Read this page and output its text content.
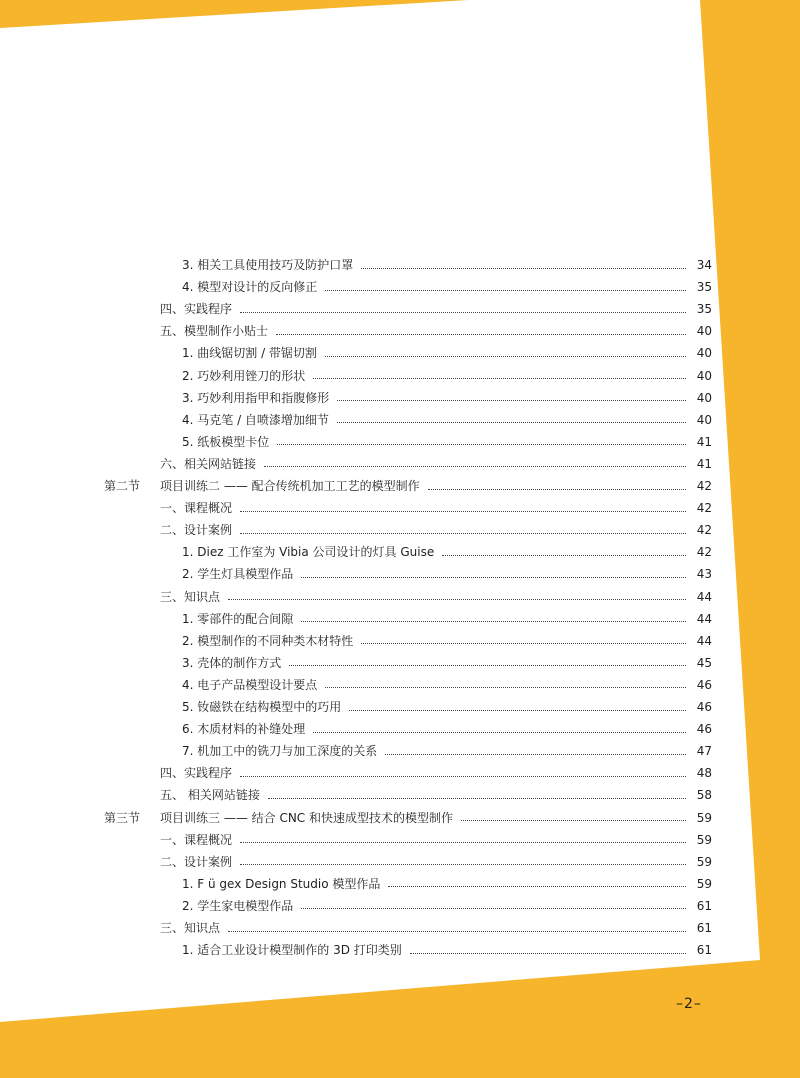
3. 相关工具使用技巧及防护口罩	34
4. 模型对设计的反向修正	35
四、实践程序	35
五、模型制作小贴士	40
1. 曲线锯切割 / 带锯切割	40
2. 巧妙利用锉刀的形状	40
3. 巧妙利用指甲和指腹修形	40
4. 马克笔 / 自喷漆增加细节	40
5. 纸板模型卡位	41
六、相关网站链接	41
第二节 项目训练二 —— 配合传统机加工工艺的模型制作	42
一、课程概况	42
二、设计案例	42
1. Diez 工作室为 Vibia 公司设计的灯具 Guise	42
2. 学生灯具模型作品	43
三、知识点	44
1. 零部件的配合间隙	44
2. 模型制作的不同种类木材特性	44
3. 壳体的制作方式	45
4. 电子产品模型设计要点	46
5. 钕磁铁在结构模型中的巧用	46
6. 木质材料的补缝处理	46
7. 机加工中的铣刀与加工深度的关系	47
四、实践程序	48
五、 相关网站链接	58
第三节 项目训练三 —— 结合 CNC 和快速成型技术的模型制作	59
一、课程概况	59
二、设计案例	59
1. F ü gex Design Studio 模型作品	59
2. 学生家电模型作品	61
三、知识点	61
1. 适合工业设计模型制作的 3D 打印类别	61
–2–
